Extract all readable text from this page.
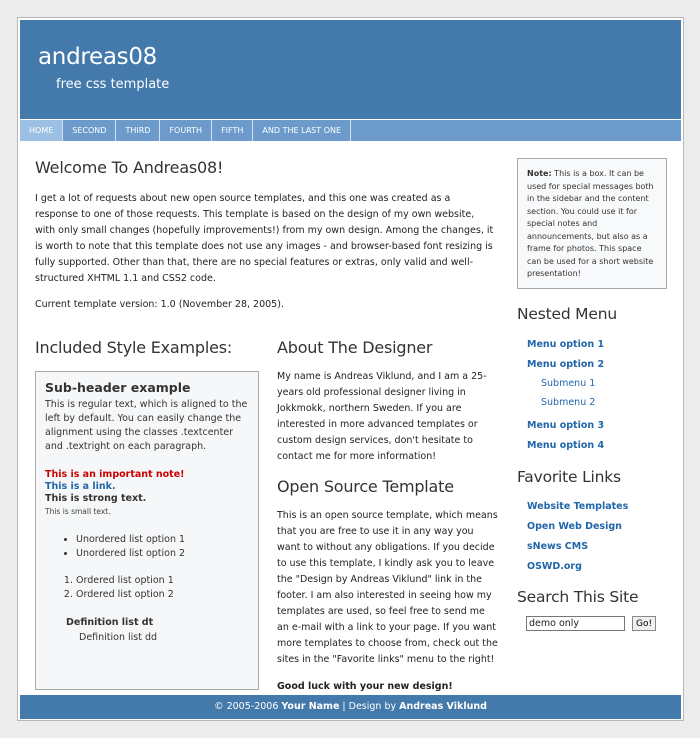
andreas08
free css template
HOME	SECOND	THIRD	FOURTH	FIFTH	AND THE LAST ONE
Welcome To Andreas08!

I get a lot of requests about new open source templates, and this one was created as a response to one of those requests. This template is based on the design of my own website, with only small changes (hopefully improvements!) from my own design. Among the changes, it is worth to note that this template does not use any images - and browser-based font resizing is fully supported. Other than that, there are no special features or extras, only valid and well-structured XHTML 1.1 and CSS2 code.

Current template version: 1.0 (November 28, 2005).

Included Style Examples:
Sub-header example

This is regular text, which is aligned to the left by default. You can easily change the alignment using the classes .textcenter and .textright on each paragraph.

This is an important note!
This is a link.
This is strong text.
This is small text.
• Unordered list option 1
• Unordered list option 2
1. Ordered list option 1
2. Ordered list option 2
Definition list dt
Definition list dd
About The Designer

My name is Andreas Viklund, and I am a 25-years old professional designer living in Jokkmokk, northern Sweden. If you are interested in more advanced templates or custom design services, don't hesitate to contact me for more information!

Open Source Template

This is an open source template, which means that you are free to use it in any way you want to without any obligations. If you decide to use this template, I kindly ask you to leave the "Design by Andreas Viklund" link in the footer. I am also interested in seeing how my templates are used, so feel free to send me an e-mail with a link to your page. If you want more templates to choose from, check out the sites in the "Favorite links" menu to the right!

Good luck with your new design!

Note: This is a box. It can be used for special messages both in the sidebar and the content section. You could use it for special notes and announcements, but also as a frame for photos. This space can be used for a short website presentation!
Nested Menu
Menu option 1
Menu option 2
Submenu 1
Submenu 2
Menu option 3
Menu option 4
Favorite Links
Website Templates
Open Web Design
sNews CMS
OSWD.org
Search This Site
demo only
Go!
© 2005-2006 Your Name | Design by Andreas Viklund
